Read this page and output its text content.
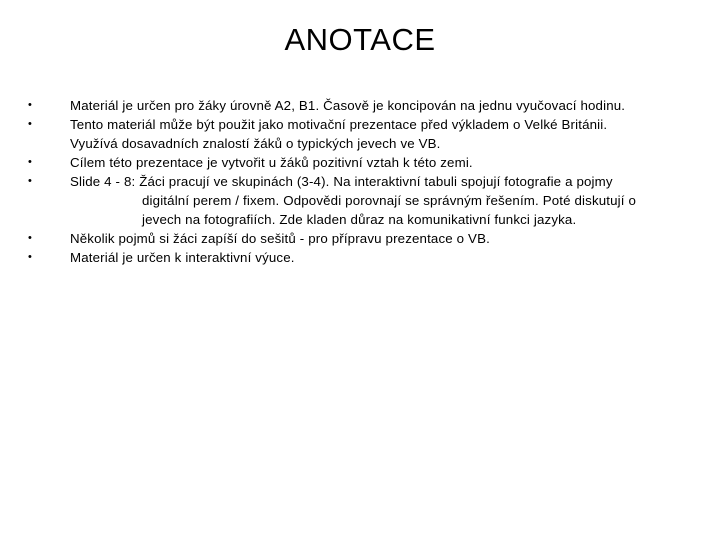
ANOTACE
•	Materiál je určen pro žáky úrovně A2, B1. Časově je koncipován na jednu vyučovací hodinu.
•	Tento materiál může být použit jako motivační prezentace před výkladem o Velké Británii.
Využívá dosavadních znalostí žáků o typických jevech ve VB.
•	Cílem této prezentace je vytvořit u žáků pozitivní vztah k této zemi.
•	Slide 4 - 8: Žáci pracují ve skupinách (3-4). Na interaktivní tabuli spojují fotografie a pojmy
digitální perem / fixem. Odpovědi porovnají se správným řešením. Poté diskutují o
jevech na fotografiích. Zde kladen důraz na komunikativní funkci jazyka.
•	Několik pojmů si žáci zapíší do sešitů - pro přípravu prezentace o VB.
•	Materiál je určen k interaktivní výuce.
